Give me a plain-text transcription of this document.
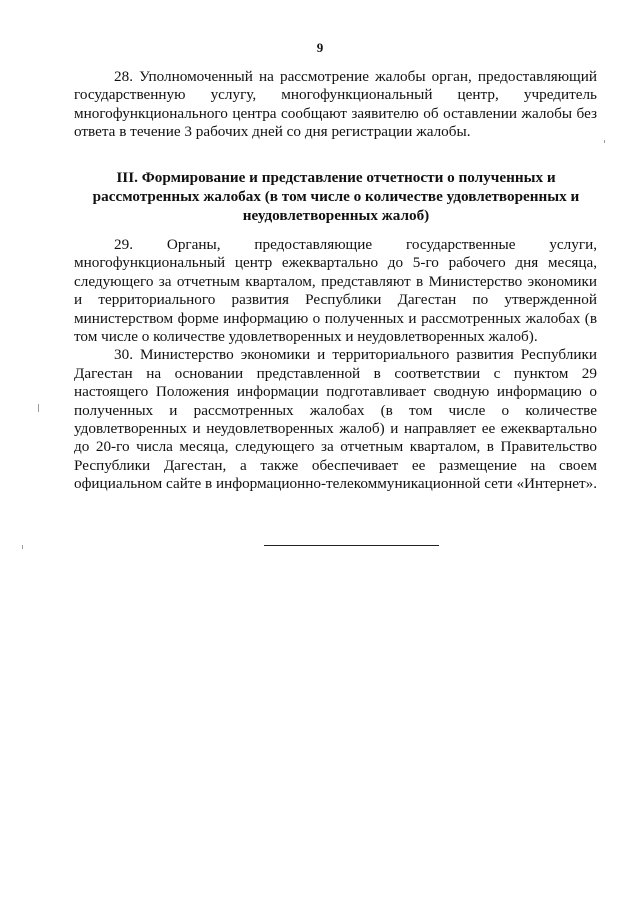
9

28. Уполномоченный на рассмотрение жалобы орган, предоставляющий государственную услугу, многофункциональный центр, учредитель многофункционального центра сообщают заявителю об оставлении жалобы без ответа в течение 3 рабочих дней со дня регистрации жалобы.

III. Формирование и представление отчетности о полученных и рассмотренных жалобах (в том числе о количестве удовлетворенных и неудовлетворенных жалоб)

29. Органы, предоставляющие государственные услуги, многофункциональный центр ежеквартально до 5-го рабочего дня месяца, следующего за отчетным кварталом, представляют в Министерство экономики и территориального развития Республики Дагестан по утвержденной министерством форме информацию о полученных и рассмотренных жалобах (в том числе о количестве удовлетворенных и неудовлетворенных жалоб).

30. Министерство экономики и территориального развития Республики Дагестан на основании представленной в соответствии с пунктом 29 настоящего Положения информации подготавливает сводную информацию о полученных и рассмотренных жалобах (в том числе о количестве удовлетворенных и неудовлетворенных жалоб) и направляет ее ежеквартально до 20-го числа месяца, следующего за отчетным кварталом, в Правительство Республики Дагестан, а также обеспечивает ее размещение на своем официальном сайте в информационно-телекоммуникационной сети «Интернет».
